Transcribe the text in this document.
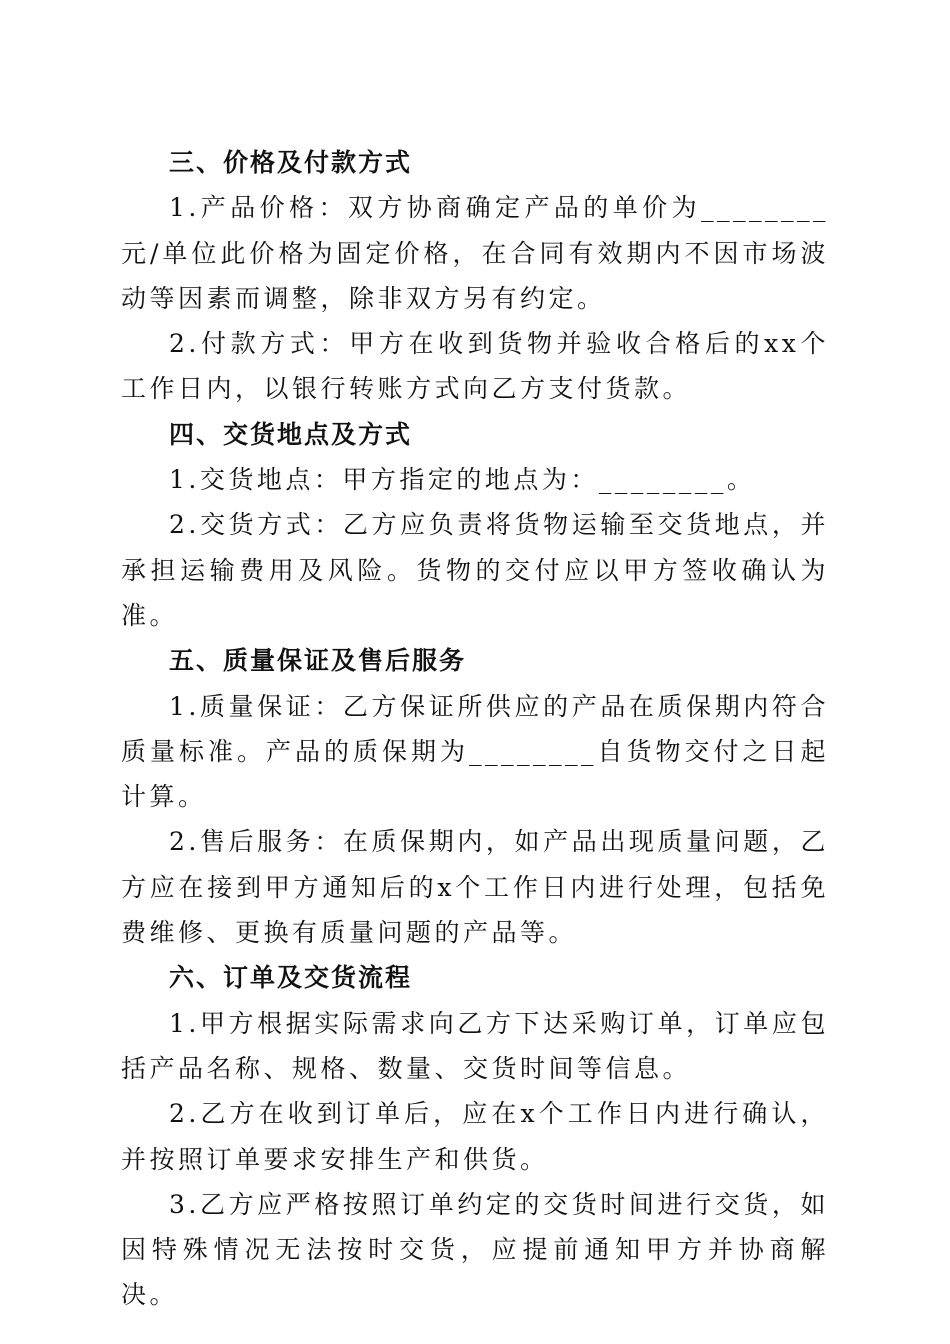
三、价格及付款方式

1.产品价格：双方协商确定产品的单价为________元/单位此价格为固定价格，在合同有效期内不因市场波动等因素而调整，除非双方另有约定。

2.付款方式：甲方在收到货物并验收合格后的xx个工作日内，以银行转账方式向乙方支付货款。

四、交货地点及方式

1.交货地点：甲方指定的地点为：________。

2.交货方式：乙方应负责将货物运输至交货地点，并承担运输费用及风险。货物的交付应以甲方签收确认为准。

五、质量保证及售后服务

1.质量保证：乙方保证所供应的产品在质保期内符合质量标准。产品的质保期为________自货物交付之日起计算。

2.售后服务：在质保期内，如产品出现质量问题，乙方应在接到甲方通知后的x个工作日内进行处理，包括免费维修、更换有质量问题的产品等。

六、订单及交货流程

1.甲方根据实际需求向乙方下达采购订单，订单应包括产品名称、规格、数量、交货时间等信息。

2.乙方在收到订单后，应在x个工作日内进行确认，并按照订单要求安排生产和供货。

3.乙方应严格按照订单约定的交货时间进行交货，如因特殊情况无法按时交货，应提前通知甲方并协商解决。
